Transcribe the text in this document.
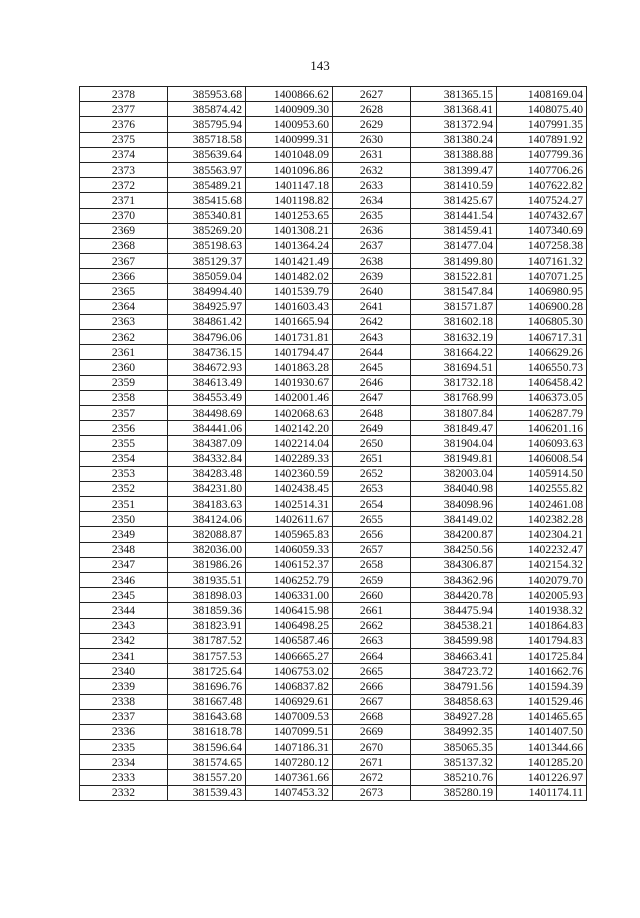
143
2378	385953.68	1400866.62	2627	381365.15	1408169.04
2377	385874.42	1400909.30	2628	381368.41	1408075.40
2376	385795.94	1400953.60	2629	381372.94	1407991.35
2375	385718.58	1400999.31	2630	381380.24	1407891.92
2374	385639.64	1401048.09	2631	381388.88	1407799.36
2373	385563.97	1401096.86	2632	381399.47	1407706.26
2372	385489.21	1401147.18	2633	381410.59	1407622.82
2371	385415.68	1401198.82	2634	381425.67	1407524.27
2370	385340.81	1401253.65	2635	381441.54	1407432.67
2369	385269.20	1401308.21	2636	381459.41	1407340.69
2368	385198.63	1401364.24	2637	381477.04	1407258.38
2367	385129.37	1401421.49	2638	381499.80	1407161.32
2366	385059.04	1401482.02	2639	381522.81	1407071.25
2365	384994.40	1401539.79	2640	381547.84	1406980.95
2364	384925.97	1401603.43	2641	381571.87	1406900.28
2363	384861.42	1401665.94	2642	381602.18	1406805.30
2362	384796.06	1401731.81	2643	381632.19	1406717.31
2361	384736.15	1401794.47	2644	381664.22	1406629.26
2360	384672.93	1401863.28	2645	381694.51	1406550.73
2359	384613.49	1401930.67	2646	381732.18	1406458.42
2358	384553.49	1402001.46	2647	381768.99	1406373.05
2357	384498.69	1402068.63	2648	381807.84	1406287.79
2356	384441.06	1402142.20	2649	381849.47	1406201.16
2355	384387.09	1402214.04	2650	381904.04	1406093.63
2354	384332.84	1402289.33	2651	381949.81	1406008.54
2353	384283.48	1402360.59	2652	382003.04	1405914.50
2352	384231.80	1402438.45	2653	384040.98	1402555.82
2351	384183.63	1402514.31	2654	384098.96	1402461.08
2350	384124.06	1402611.67	2655	384149.02	1402382.28
2349	382088.87	1405965.83	2656	384200.87	1402304.21
2348	382036.00	1406059.33	2657	384250.56	1402232.47
2347	381986.26	1406152.37	2658	384306.87	1402154.32
2346	381935.51	1406252.79	2659	384362.96	1402079.70
2345	381898.03	1406331.00	2660	384420.78	1402005.93
2344	381859.36	1406415.98	2661	384475.94	1401938.32
2343	381823.91	1406498.25	2662	384538.21	1401864.83
2342	381787.52	1406587.46	2663	384599.98	1401794.83
2341	381757.53	1406665.27	2664	384663.41	1401725.84
2340	381725.64	1406753.02	2665	384723.72	1401662.76
2339	381696.76	1406837.82	2666	384791.56	1401594.39
2338	381667.48	1406929.61	2667	384858.63	1401529.46
2337	381643.68	1407009.53	2668	384927.28	1401465.65
2336	381618.78	1407099.51	2669	384992.35	1401407.50
2335	381596.64	1407186.31	2670	385065.35	1401344.66
2334	381574.65	1407280.12	2671	385137.32	1401285.20
2333	381557.20	1407361.66	2672	385210.76	1401226.97
2332	381539.43	1407453.32	2673	385280.19	1401174.11
